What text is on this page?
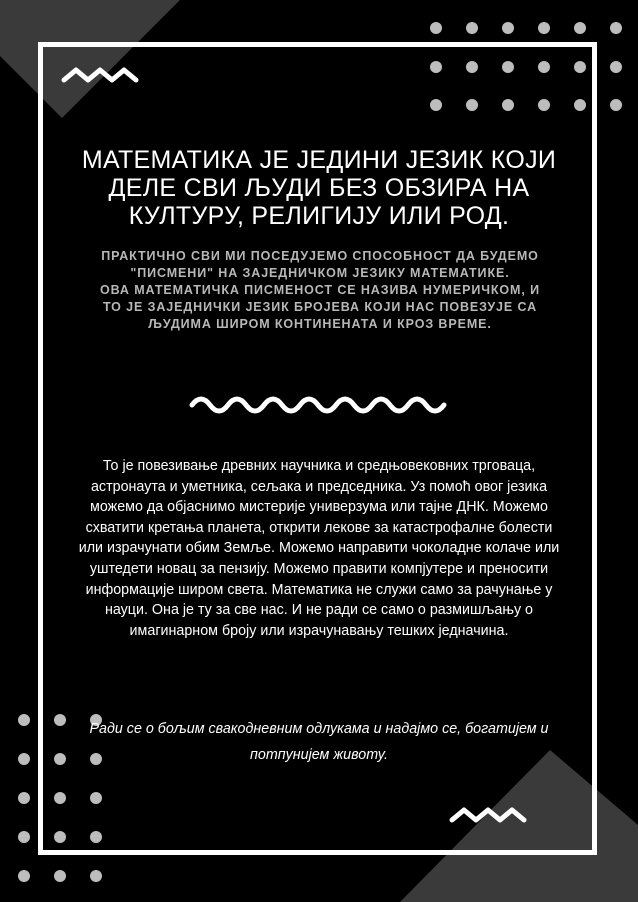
МАТЕМАТИКА ЈЕ ЈЕДИНИ ЈЕЗИК КОЈИ ДЕЛЕ СВИ ЉУДИ БЕЗ ОБЗИРА НА КУЛТУРУ, РЕЛИГИЈУ ИЛИ РОД.
ПРАКТИЧНО СВИ МИ ПОСЕДУЈЕМО СПОСОБНОСТ ДА БУДЕМО "ПИСМЕНИ" НА ЗАЈЕДНИЧКОМ ЈЕЗИКУ МАТЕМАТИКЕ.
ОВА МАТЕМАТИЧКА ПИСМЕНОСТ СЕ НАЗИВА НУМЕРИЧКОМ, И ТО ЈЕ ЗАЈЕДНИЧКИ ЈЕЗИК БРОЈЕВА КОЈИ НАС ПОВЕЗУЈЕ СА ЉУДИМА ШИРОМ КОНТИНЕНАТА И КРОЗ ВРЕМЕ.

То је повезивање древних научника и средњовековних трговаца, астронаута и уметника, сељака и председника. Уз помоћ овог језика можемо да објаснимо мистерије универзума или тајне ДНК. Можемо схватити кретања планета, открити лекове за катастрофалне болести или израчунати обим Земље. Можемо направити чоколадне колаче или уштедети новац за пензију. Можемо правити компјутере и преносити информације широм света. Математика не служи само за рачунање у науци. Она је ту за све нас. И не ради се само о размишљању о имагинарном броју или израчунавању тешких једначина.

Ради се о бољим свакодневним одлукама и надајмо се, богатијем и потпунијем животу.
